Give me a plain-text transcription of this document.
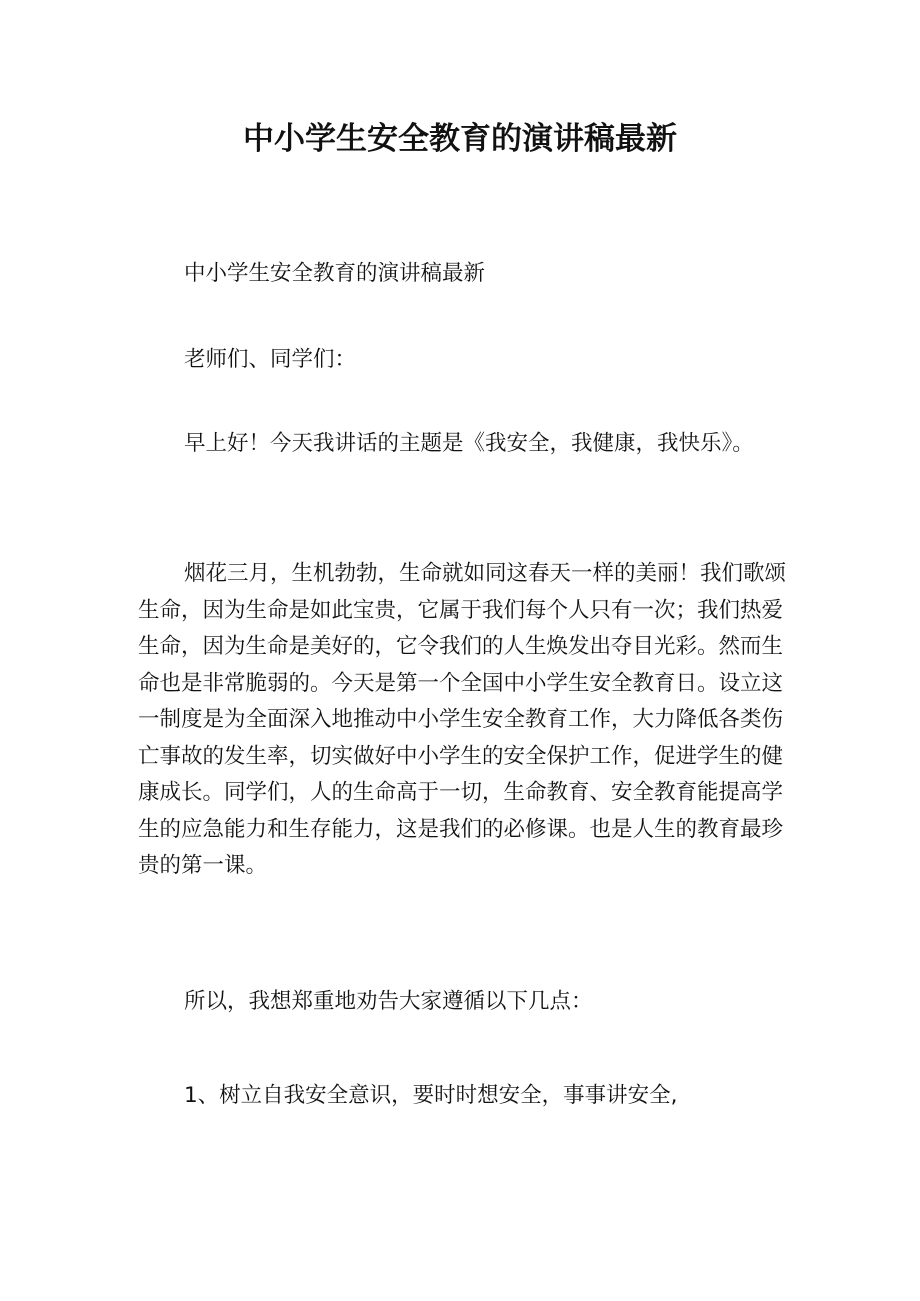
中小学生安全教育的演讲稿最新

中小学生安全教育的演讲稿最新

老师们、同学们：

早上好！今天我讲话的主题是《我安全，我健康，我快乐》。

烟花三月，生机勃勃，生命就如同这春天一样的美丽！我们歌颂生命，因为生命是如此宝贵，它属于我们每个人只有一次；我们热爱生命，因为生命是美好的，它令我们的人生焕发出夺目光彩。然而生命也是非常脆弱的。今天是第一个全国中小学生安全教育日。设立这一制度是为全面深入地推动中小学生安全教育工作，大力降低各类伤亡事故的发生率，切实做好中小学生的安全保护工作，促进学生的健康成长。同学们，人的生命高于一切，生命教育、安全教育能提高学生的应急能力和生存能力，这是我们的必修课。也是人生的教育最珍贵的第一课。

所以，我想郑重地劝告大家遵循以下几点：

1、树立自我安全意识，要时时想安全，事事讲安全,
